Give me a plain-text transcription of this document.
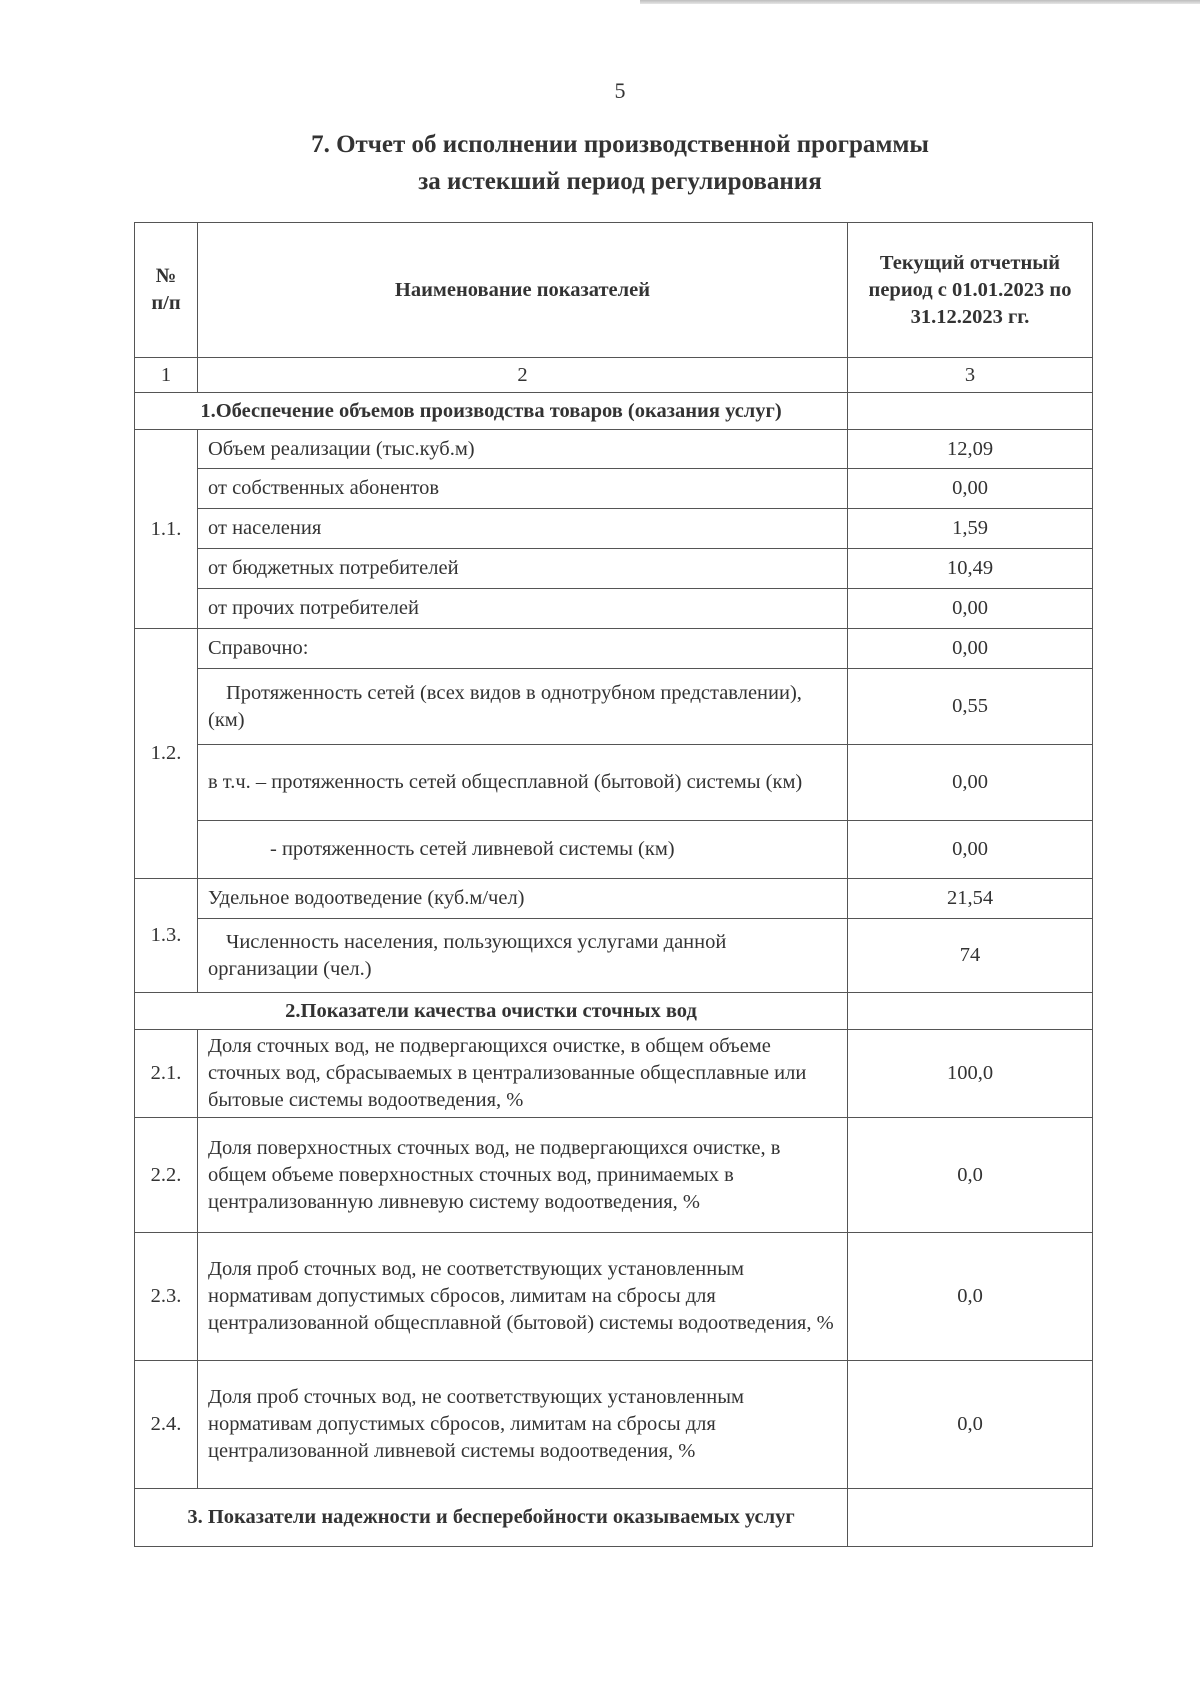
5
7. Отчет об исполнении производственной программы
за истекший период регулирования
№ п/п	Наименование показателей	Текущий отчетный период с 01.01.2023 по 31.12.2023 гг.
1	2	3
1.Обеспечение объемов производства товаров (оказания услуг)		
1.1.	Объем реализации (тыс.куб.м)	12,09
	от собственных абонентов	0,00
	от населения	1,59
	от бюджетных потребителей	10,49
	от прочих потребителей	0,00
1.2.	Справочно:	0,00
	Протяженность сетей (всех видов в однотрубном представлении), (км)	0,55
	в т.ч. – протяженность сетей общесплавной (бытовой) системы (км)	0,00
	- протяженность сетей ливневой системы (км)	0,00
1.3.	Удельное водоотведение (куб.м/чел)	21,54
	Численность населения, пользующихся услугами данной организации (чел.)	74
2.Показатели качества очистки сточных вод		
2.1.	Доля сточных вод, не подвергающихся очистке, в общем объеме сточных вод, сбрасываемых в централизованные общесплавные или бытовые системы водоотведения, %	100,0
2.2.	Доля поверхностных сточных вод, не подвергающихся очистке, в общем объеме поверхностных сточных вод, принимаемых в централизованную ливневую систему водоотведения, %	0,0
2.3.	Доля проб сточных вод, не соответствующих установленным нормативам допустимых сбросов, лимитам на сбросы для централизованной общесплавной (бытовой) системы водоотведения, %	0,0
2.4.	Доля проб сточных вод, не соответствующих установленным нормативам допустимых сбросов, лимитам на сбросы для централизованной ливневой системы водоотведения, %	0,0
3. Показатели надежности и бесперебойности оказываемых услуг		
